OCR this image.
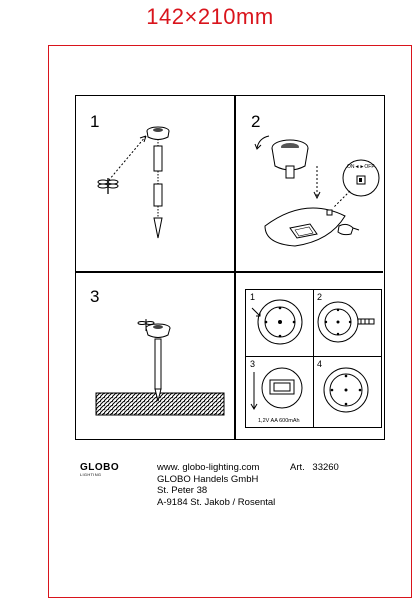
142×210mm
1	2
ON◄►OFF
3	1	2
3	4
1,2V AA 600mAh
GLOBO
LIGHTING
www. globo-lighting.com
GLOBO Handels GmbH
St. Peter 38
A-9184 St. Jakob / Rosental
Art. 33260
